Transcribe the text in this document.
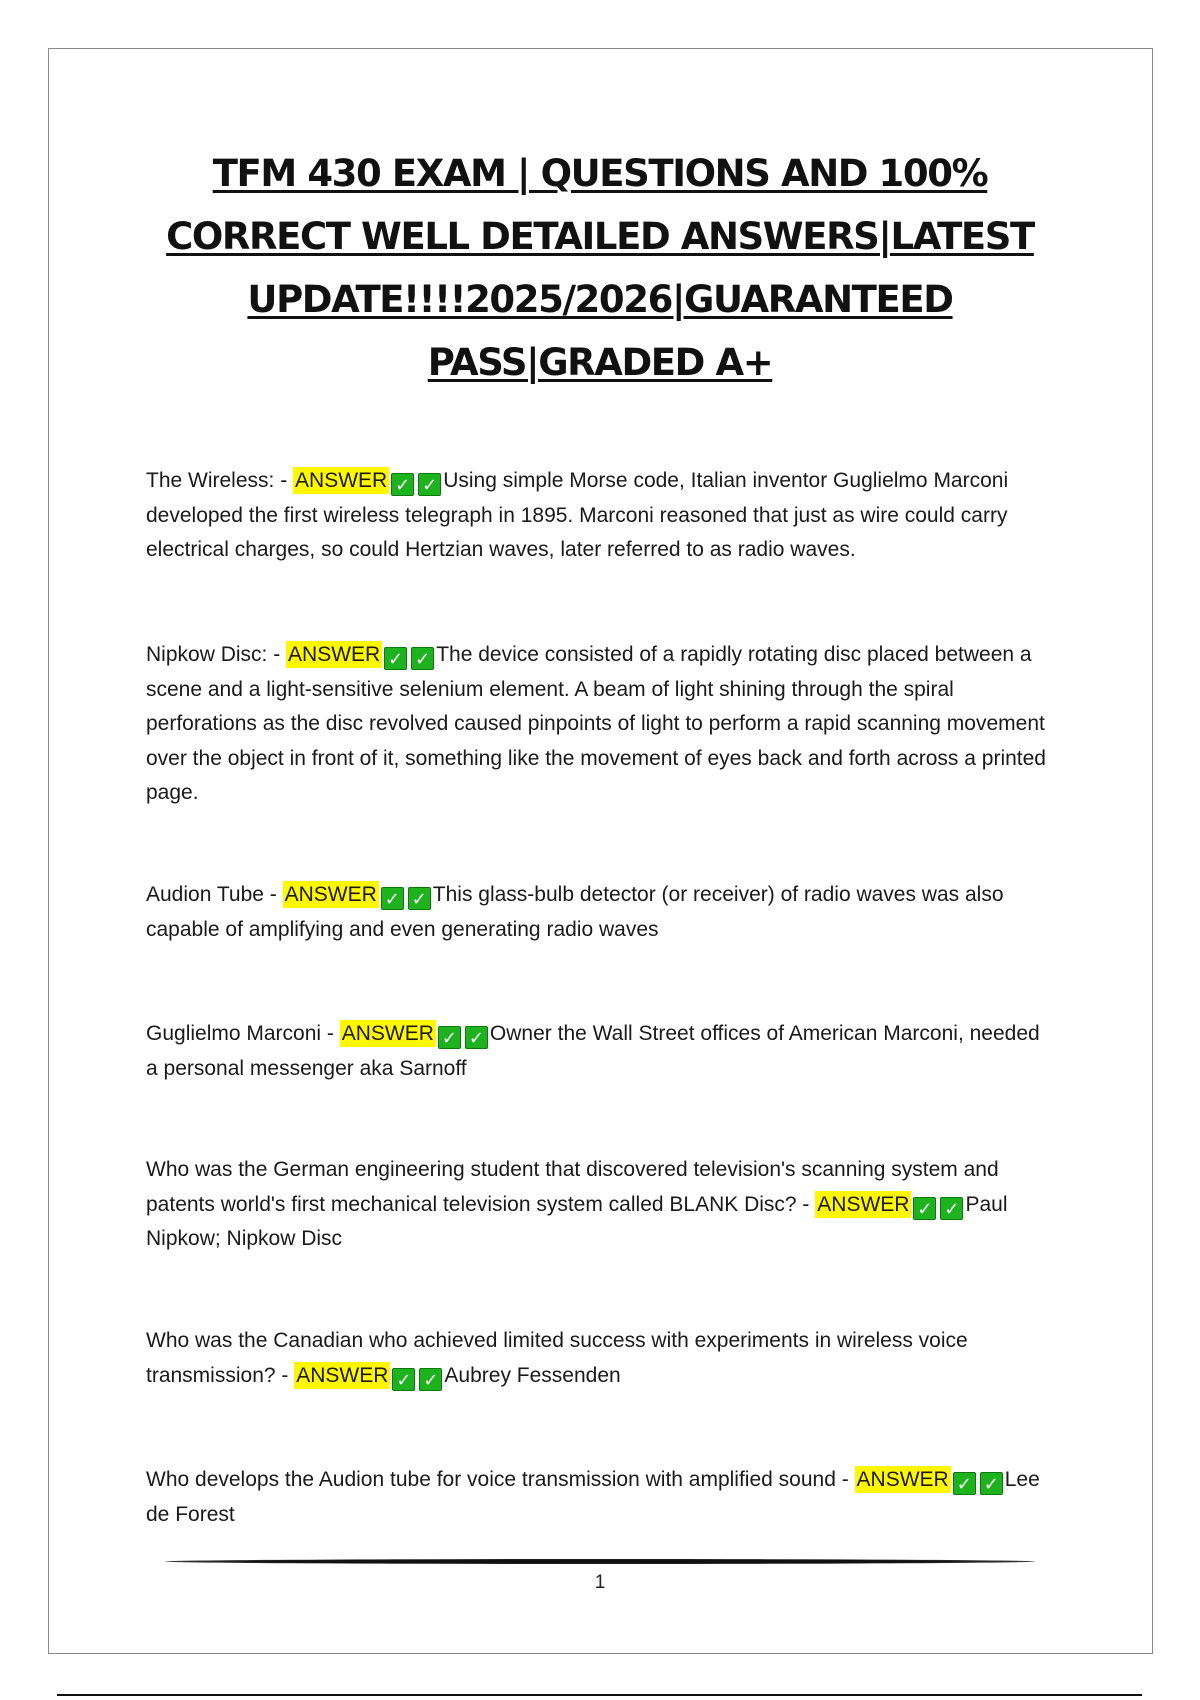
TFM 430 EXAM | QUESTIONS AND 100% CORRECT WELL DETAILED ANSWERS|LATEST UPDATE!!!!2025/2026|GUARANTEED PASS|GRADED A+

The Wireless: - ANSWER ✓ ✓ Using simple Morse code, Italian inventor Guglielmo Marconi developed the first wireless telegraph in 1895. Marconi reasoned that just as wire could carry electrical charges, so could Hertzian waves, later referred to as radio waves.

Nipkow Disc: - ANSWER ✓ ✓ The device consisted of a rapidly rotating disc placed between a scene and a light-sensitive selenium element. A beam of light shining through the spiral perforations as the disc revolved caused pinpoints of light to perform a rapid scanning movement over the object in front of it, something like the movement of eyes back and forth across a printed page.

Audion Tube - ANSWER ✓ ✓ This glass-bulb detector (or receiver) of radio waves was also capable of amplifying and even generating radio waves

Guglielmo Marconi - ANSWER ✓ ✓ Owner the Wall Street offices of American Marconi, needed a personal messenger aka Sarnoff

Who was the German engineering student that discovered television's scanning system and patents world's first mechanical television system called BLANK Disc? - ANSWER ✓ ✓ Paul Nipkow; Nipkow Disc

Who was the Canadian who achieved limited success with experiments in wireless voice transmission? - ANSWER ✓ ✓ Aubrey Fessenden

Who develops the Audion tube for voice transmission with amplified sound - ANSWER ✓ ✓ Lee de Forest

1
